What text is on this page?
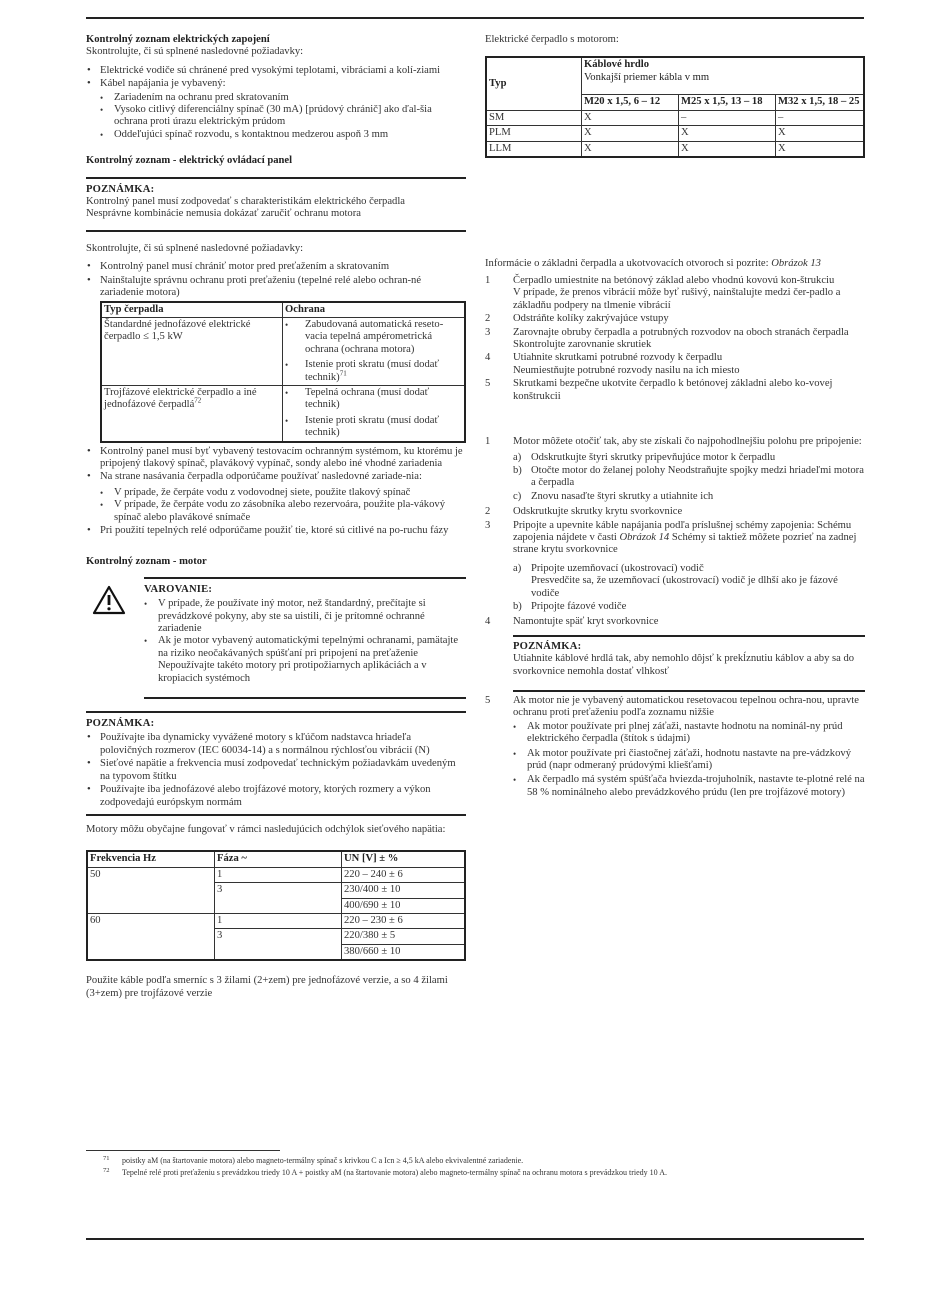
Kontrolný zoznam elektrických zapojení

Skontrolujte, či sú splnené nasledovné požiadavky:

• Elektrické vodiče sú chránené pred vysokými teplotami, vibráciami a kolí-ziami
• Kábel napájania je vybavený:
• Zariadením na ochranu pred skratovaním
• Vysoko citlivý diferenciálny spínač (30 mA) [prúdový chránič] ako ďal-šia ochrana proti úrazu elektrickým prúdom
• Oddeľujúci spínač rozvodu, s kontaktnou medzerou aspoň 3 mm
Kontrolný zoznam - elektrický ovládací panel
POZNÁMKA:

Kontrolný panel musí zodpovedať s charakteristikám elektrického čerpadla

Nesprávne kombinácie nemusia dokázať zaručiť ochranu motora

Skontrolujte, či sú splnené nasledovné požiadavky:

• Kontrolný panel musí chrániť motor pred preťažením a skratovaním
• Nainštalujte správnu ochranu proti preťaženiu (tepelné relé alebo ochran-né zariadenie motora)
Typ čerpadla	Ochrana
Štandardné jednofázové elektrické čerpadlo ≤ 1,5 kW	
• Zabudovaná automatická reseto-vacia tepelná ampérometrická ochrana (ochrana motora)
• Istenie proti skratu (musí dodať technik)$^{71}$

Trojfázové elektrické čerpadlo a iné jednofázové čerpadlá$^{72}$	
• Tepelná ochrana (musí dodať technik)
• Istenie proti skratu (musí dodať technik)
• Kontrolný panel musí byť vybavený testovacím ochranným systémom, ku ktorému je pripojený tlakový spínač, plavákový vypínač, sondy alebo iné vhodné zariadenia
• Na strane nasávania čerpadla odporúčame používať nasledovné zariade-nia:
• V prípade, že čerpáte vodu z vodovodnej siete, použite tlakový spínač
• V prípade, že čerpáte vodu zo zásobníka alebo rezervoára, použite pla-vákový spínač alebo plavákové snímače
• Pri použití tepelných relé odporúčame použiť tie, ktoré sú citlivé na po-ruchu fázy
Kontrolný zoznam - motor
VAROVANIE:
• V prípade, že používate iný motor, než štandardný, prečítajte si prevádzkové pokyny, aby ste sa uistili, či je prítomné ochranné zariadenie
• Ak je motor vybavený automatickými tepelnými ochranami, pamätajte na riziko neočakávaných spúšťaní pri pripojení na preťaženie Nepoužívajte takéto motory pri protipožiarnych aplikáciách a v kropiacich systémoch
POZNÁMKA:
• Používajte iba dynamicky vyvážené motory s kľúčom nadstavca hriadeľa polovičných rozmerov (IEC 60034-14) a s normálnou rýchlosťou vibrácií (N)
• Sieťové napätie a frekvencia musí zodpovedať technickým požiadavkám uvedeným na typovom štítku
• Používajte iba jednofázové alebo trojfázové motory, ktorých rozmery a výkon zodpovedajú európskym normám

Motory môžu obyčajne fungovať v rámci nasledujúcich odchýlok sieťového napätia:

Frekvencia Hz	Fáza ~	UN [V] ± %
50	1	220 – 240 ± 6
	3	230/400 ± 10
		400/690 ± 10
60	1	220 – 230 ± 6
	3	220/380 ± 5
		380/660 ± 10

Použite káble podľa smerníc s 3 žilami (2+zem) pre jednofázové verzie, a so 4 žilami (3+zem) pre trojfázové verzie

Elektrické čerpadlo s motorom:

Typ	Káblové hrdlo
Vonkajší priemer kábla v mm		

	M20 x 1,5, 6 – 12	M25 x 1,5, 13 – 18	M32 x 1,5, 18 – 25
SM	X	–	–
PLM	X	X	X
LLM	X	X	X

Informácie o základni čerpadla a ukotvovacích otvoroch si pozrite: Obrázok 13

1 Čerpadlo umiestnite na betónový základ alebo vhodnú kovovú kon-štrukciu
V prípade, že prenos vibrácií môže byť rušivý, nainštalujte medzi čer-padlo a základňu podpery na tlmenie vibrácií
2 Odstráňte kolíky zakrývajúce vstupy
3 Zarovnajte obruby čerpadla a potrubných rozvodov na oboch stranách čerpadla
Skontrolujte zarovnanie skrutiek
4 Utiahnite skrutkami potrubné rozvody k čerpadlu
Neumiestňujte potrubné rozvody nasilu na ich miesto
5 Skrutkami bezpečne ukotvite čerpadlo k betónovej základni alebo ko-vovej konštrukcii
1 Motor môžete otočiť tak, aby ste získali čo najpohodlnejšiu polohu pre pripojenie:
a) Odskrutkujte štyri skrutky pripevňujúce motor k čerpadlu
b) Otočte motor do želanej polohy Neodstraňujte spojky medzi hriadeľmi motora a čerpadla
c) Znovu nasaďte štyri skrutky a utiahnite ich
2 Odskrutkujte skrutky krytu svorkovnice
3 Pripojte a upevnite káble napájania podľa príslušnej schémy zapojenia: Schému zapojenia nájdete v časti Obrázok 14 Schémy si taktiež môžete pozrieť na zadnej strane krytu svorkovnice
a) Pripojte uzemňovací (ukostrovací) vodič
Presvedčite sa, že uzemňovací (ukostrovací) vodič je dlhší ako je fázové vodiče
b) Pripojte fázové vodiče
4 Namontujte späť kryt svorkovnice
POZNÁMKA:

Utiahnite káblové hrdlá tak, aby nemohlo dôjsť k prekĺznutiu káblov a aby sa do svorkovnice nemohla dostať vlhkosť

5 Ak motor nie je vybavený automatickou resetovacou tepelnou ochra-nou, upravte ochranu proti preťaženiu podľa zoznamu nižšie
• Ak motor používate pri plnej záťaži, nastavte hodnotu na nominál-ny prúd elektrického čerpadla (štítok s údajmi)
• Ak motor používate pri čiastočnej záťaži, hodnotu nastavte na pre-vádzkový prúd (napr odmeraný prúdovými kliešťami)
• Ak čerpadlo má systém spúšťača hviezda-trojuholník, nastavte te-plotné relé na 58 % nominálneho alebo prevádzkového prúdu (len pre trojfázové motory)
71 poistky aM (na štartovanie motora) alebo magneto-termálny spínač s krivkou C a Icn ≥ 4,5 kA alebo ekvivalentné zariadenie.
72 Tepelné relé proti preťaženiu s prevádzkou triedy 10 A + poistky aM (na štartovanie motora) alebo magneto-termálny spínač na ochranu motora s prevádzkou triedy 10 A.
